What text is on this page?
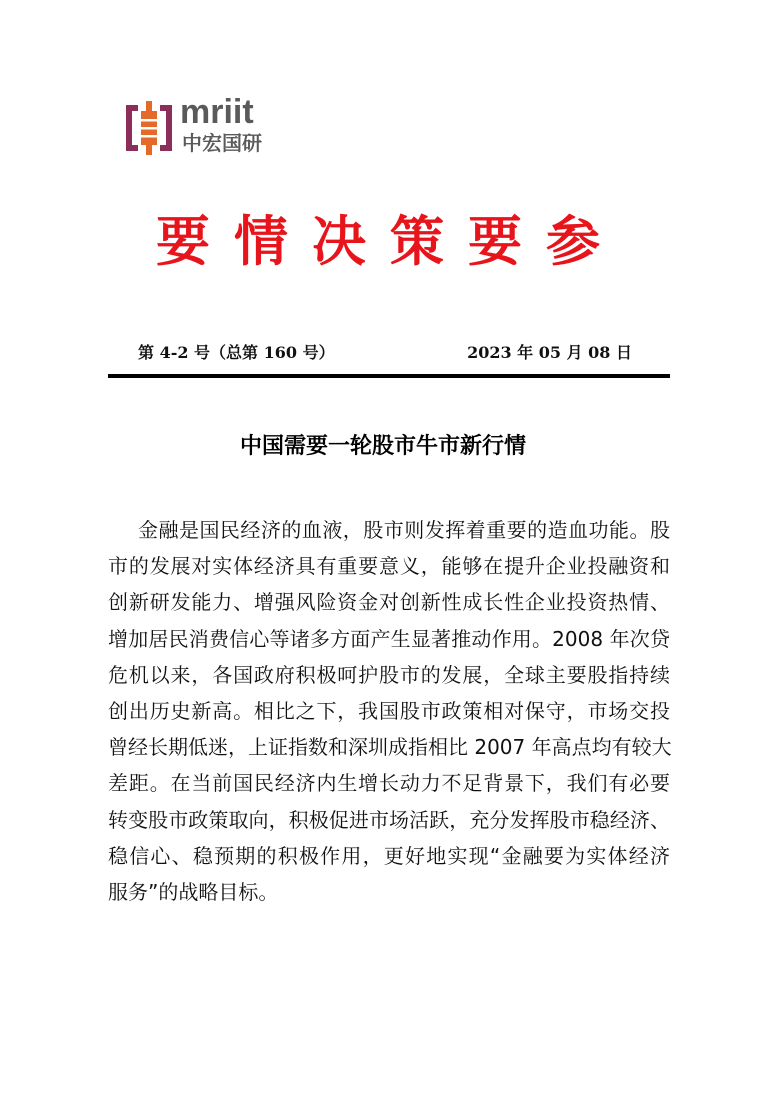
mriit
中宏国研
要情决策要参
第 4-2 号（总第 160 号）	2023 年 05 月 08 日
中国需要一轮股市牛市新行情
金融是国民经济的血液，股市则发挥着重要的造血功能。股
市的发展对实体经济具有重要意义，能够在提升企业投融资和
创新研发能力、增强风险资金对创新性成长性企业投资热情、
增加居民消费信心等诸多方面产生显著推动作用。2008 年次贷
危机以来，各国政府积极呵护股市的发展，全球主要股指持续
创出历史新高。相比之下，我国股市政策相对保守，市场交投
曾经长期低迷，上证指数和深圳成指相比 2007 年高点均有较大
差距。在当前国民经济内生增长动力不足背景下，我们有必要
转变股市政策取向，积极促进市场活跃，充分发挥股市稳经济、
稳信心、稳预期的积极作用，更好地实现“金融要为实体经济
服务”的战略目标。
